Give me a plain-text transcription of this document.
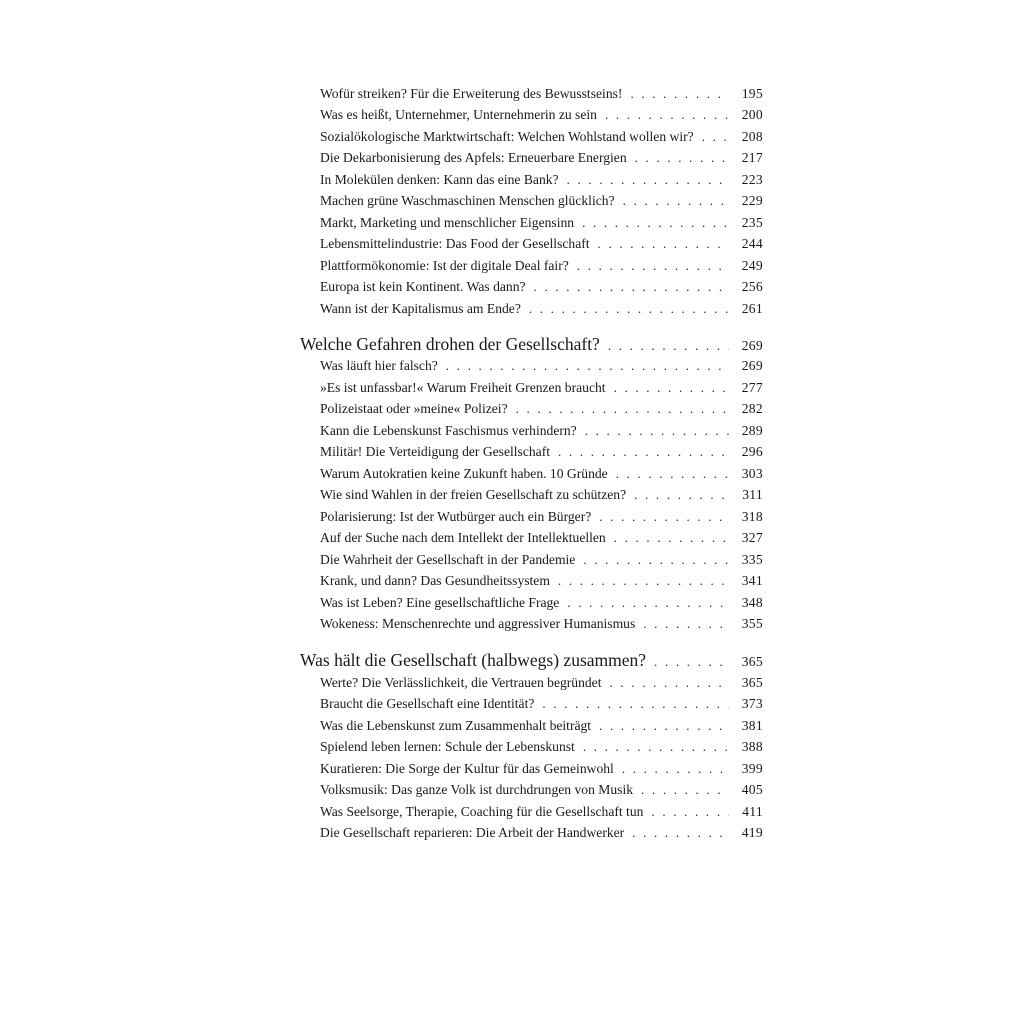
Wofür streiken? Für die Erweiterung des Bewusstseins! . . .	195
Was es heißt, Unternehmer, Unternehmerin zu sein . . .	200
Sozialökologische Marktwirtschaft: Welchen Wohlstand wollen wir? . . .	208
Die Dekarbonisierung des Apfels: Erneuerbare Energien . . .	217
In Molekülen denken: Kann das eine Bank? . . .	223
Machen grüne Waschmaschinen Menschen glücklich? . . .	229
Markt, Marketing und menschlicher Eigensinn . . .	235
Lebensmittelindustrie: Das Food der Gesellschaft . . .	244
Plattformökonomie: Ist der digitale Deal fair? . . .	249
Europa ist kein Kontinent. Was dann? . . .	256
Wann ist der Kapitalismus am Ende? . . .	261
Welche Gefahren drohen der Gesellschaft? . . .	269
Was läuft hier falsch? . . .	269
»Es ist unfassbar!« Warum Freiheit Grenzen braucht . . .	277
Polizeistaat oder »meine« Polizei? . . .	282
Kann die Lebenskunst Faschismus verhindern? . . .	289
Militär! Die Verteidigung der Gesellschaft . . .	296
Warum Autokratien keine Zukunft haben. 10 Gründe . . .	303
Wie sind Wahlen in der freien Gesellschaft zu schützen? . . .	311
Polarisierung: Ist der Wutbürger auch ein Bürger? . . .	318
Auf der Suche nach dem Intellekt der Intellektuellen . . .	327
Die Wahrheit der Gesellschaft in der Pandemie . . .	335
Krank, und dann? Das Gesundheitssystem . . .	341
Was ist Leben? Eine gesellschaftliche Frage . . .	348
Wokeness: Menschenrechte und aggressiver Humanismus . . .	355
Was hält die Gesellschaft (halbwegs) zusammen? . . .	365
Werte? Die Verlässlichkeit, die Vertrauen begründet . . .	365
Braucht die Gesellschaft eine Identität? . . .	373
Was die Lebenskunst zum Zusammenhalt beiträgt . . .	381
Spielend leben lernen: Schule der Lebenskunst . . .	388
Kuratieren: Die Sorge der Kultur für das Gemeinwohl . . .	399
Volksmusik: Das ganze Volk ist durchdrungen von Musik . . .	405
Was Seelsorge, Therapie, Coaching für die Gesellschaft tun . . .	411
Die Gesellschaft reparieren: Die Arbeit der Handwerker . . .	419
